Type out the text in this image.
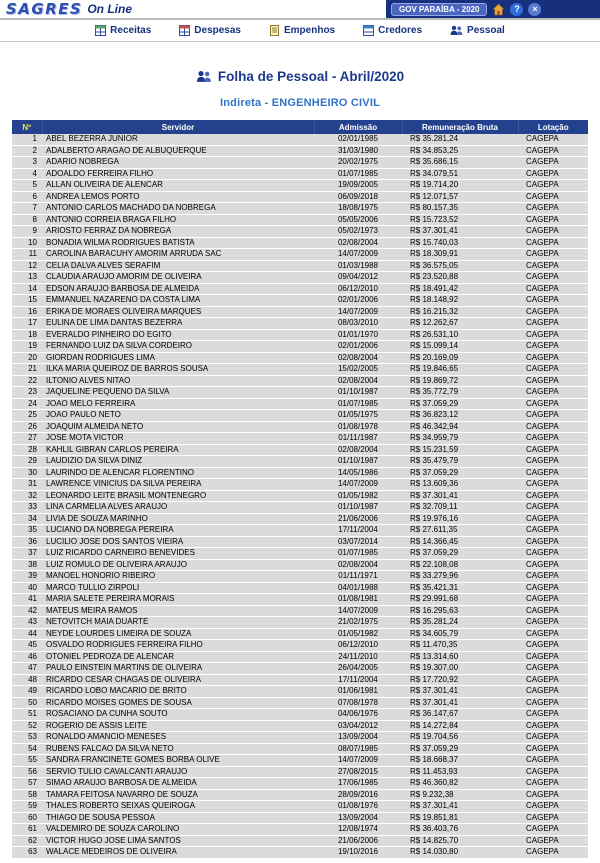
SAGRES On Line	GOV PARAÍBA - 2020	?	×
Receitas	Despesas	Empenhos	Credores	Pessoal
Folha de Pessoal - Abril/2020
Indireta - ENGENHEIRO CIVIL
Nº	Servidor	Admissão	Remuneração Bruta	Lotação
1	ABEL BEZERRA JUNIOR	02/01/1985	R$ 35.281,24	CAGEPA
2	ADALBERTO ARAGAO DE ALBUQUERQUE	31/03/1980	R$ 34.853,25	CAGEPA
3	ADARIO NOBREGA	20/02/1975	R$ 35.686,15	CAGEPA
4	ADOALDO FERREIRA FILHO	01/07/1985	R$ 34.079,51	CAGEPA
5	ALLAN OLIVEIRA DE ALENCAR	19/09/2005	R$ 19.714,20	CAGEPA
6	ANDREA LEMOS PORTO	06/09/2018	R$ 12.071,57	CAGEPA
7	ANTONIO CARLOS MACHADO DA NOBREGA	18/08/1975	R$ 80.157,35	CAGEPA
8	ANTONIO CORREIA BRAGA FILHO	05/05/2006	R$ 15.723,52	CAGEPA
9	ARIOSTO FERRAZ DA NOBREGA	05/02/1973	R$ 37.301,41	CAGEPA
10	BONADIA WILMA RODRIGUES BATISTA	02/08/2004	R$ 15.740,03	CAGEPA
11	CAROLINA BARACUHY AMORIM ARRUDA SAC	14/07/2009	R$ 18.309,91	CAGEPA
12	CELIA DALVA ALVES SERAFIM	01/03/1988	R$ 36.575,05	CAGEPA
13	CLAUDIA ARAUJO AMORIM DE OLIVEIRA	09/04/2012	R$ 23.520,88	CAGEPA
14	EDSON ARAUJO BARBOSA DE ALMEIDA	06/12/2010	R$ 18.491,42	CAGEPA
15	EMMANUEL NAZARENO DA COSTA LIMA	02/01/2006	R$ 18.148,92	CAGEPA
16	ERIKA DE MORAES OLIVEIRA MARQUES	14/07/2009	R$ 16.215,32	CAGEPA
17	EULINA DE LIMA DANTAS BEZERRA	08/03/2010	R$ 12.262,67	CAGEPA
18	EVERALDO PINHEIRO DO EGITO	01/01/1970	R$ 26.531,10	CAGEPA
19	FERNANDO LUIZ DA SILVA CORDEIRO	02/01/2006	R$ 15.099,14	CAGEPA
20	GIORDAN RODRIGUES LIMA	02/08/2004	R$ 20.169,09	CAGEPA
21	ILKA MARIA QUEIROZ DE BARROS SOUSA	15/02/2005	R$ 19.846,65	CAGEPA
22	ILTONIO ALVES NITAO	02/08/2004	R$ 19.869,72	CAGEPA
23	JAQUELINE PEQUENO DA SILVA	01/10/1987	R$ 35.772,79	CAGEPA
24	JOAO MELO FERREIRA	01/07/1985	R$ 37.059,29	CAGEPA
25	JOAO PAULO NETO	01/05/1975	R$ 36.823,12	CAGEPA
26	JOAQUIM ALMEIDA NETO	01/08/1978	R$ 46.342,94	CAGEPA
27	JOSE MOTA VICTOR	01/11/1987	R$ 34.959,79	CAGEPA
28	KAHLIL GIBRAN CARLOS PEREIRA	02/08/2004	R$ 15.231,59	CAGEPA
29	LAUDIZIO DA SILVA DINIZ	01/10/1987	R$ 35.479,79	CAGEPA
30	LAURINDO DE ALENCAR FLORENTINO	14/05/1986	R$ 37.059,29	CAGEPA
31	LAWRENCE VINICIUS DA SILVA PEREIRA	14/07/2009	R$ 13.609,36	CAGEPA
32	LEONARDO LEITE BRASIL MONTENEGRO	01/05/1982	R$ 37.301,41	CAGEPA
33	LINA CARMELIA ALVES ARAUJO	01/10/1987	R$ 32.709,11	CAGEPA
34	LIVIA DE SOUZA MARINHO	21/06/2006	R$ 19.976,16	CAGEPA
35	LUCIANO DA NOBREGA PEREIRA	17/11/2004	R$ 27.611,35	CAGEPA
36	LUCILIO JOSE DOS SANTOS VIEIRA	03/07/2014	R$ 14.366,45	CAGEPA
37	LUIZ RICARDO CARNEIRO BENEVIDES	01/07/1985	R$ 37.059,29	CAGEPA
38	LUIZ ROMULO DE OLIVEIRA ARAUJO	02/08/2004	R$ 22.108,08	CAGEPA
39	MANOEL HONORIO RIBEIRO	01/11/1971	R$ 33.279,96	CAGEPA
40	MARCO TULLIO ZIRPOLI	04/01/1988	R$ 35.421,31	CAGEPA
41	MARIA SALETE PEREIRA MORAIS	01/08/1981	R$ 29.991,68	CAGEPA
42	MATEUS MEIRA RAMOS	14/07/2009	R$ 16.295,63	CAGEPA
43	NETOVITCH MAIA DUARTE	21/02/1975	R$ 35.281,24	CAGEPA
44	NEYDE LOURDES LIMEIRA DE SOUZA	01/05/1982	R$ 34.605,79	CAGEPA
45	OSVALDO RODRIGUES FERREIRA FILHO	06/12/2010	R$ 11.470,35	CAGEPA
46	OTONIEL PEDROZA DE ALENCAR	24/11/2010	R$ 13.314,60	CAGEPA
47	PAULO EINSTEIN MARTINS DE OLIVEIRA	26/04/2005	R$ 19.307,00	CAGEPA
48	RICARDO CESAR CHAGAS DE OLIVEIRA	17/11/2004	R$ 17.720,92	CAGEPA
49	RICARDO LOBO MACARIO DE BRITO	01/06/1981	R$ 37.301,41	CAGEPA
50	RICARDO MOISES GOMES DE SOUSA	07/08/1978	R$ 37.301,41	CAGEPA
51	ROSACIANO DA CUNHA SOUTO	04/06/1976	R$ 36.147,67	CAGEPA
52	ROGERIO DE ASSIS LEITE	03/04/2012	R$ 14.272,84	CAGEPA
53	RONALDO AMANCIO MENESES	13/09/2004	R$ 19.704,56	CAGEPA
54	RUBENS FALCAO DA SILVA NETO	08/07/1985	R$ 37.059,29	CAGEPA
55	SANDRA FRANCINETE GOMES BORBA OLIVE	14/07/2009	R$ 18.668,37	CAGEPA
56	SERVIO TULIO CAVALCANTI ARAUJO	27/08/2015	R$ 11.453,93	CAGEPA
57	SIMAO ARAUJO BARBOSA DE ALMEIDA	17/06/1985	R$ 46.360,82	CAGEPA
58	TAMARA FEITOSA NAVARRO DE SOUZA	28/09/2016	R$ 9.232,38	CAGEPA
59	THALES ROBERTO SEIXAS QUEIROGA	01/08/1976	R$ 37.301,41	CAGEPA
60	THIAGO DE SOUSA PESSOA	13/09/2004	R$ 19.851,81	CAGEPA
61	VALDEMIRO DE SOUZA CAROLINO	12/08/1974	R$ 36.403,76	CAGEPA
62	VICTOR HUGO JOSE LIMA SANTOS	21/06/2006	R$ 14.825,70	CAGEPA
63	WALACE MEDEIROS DE OLIVEIRA	19/10/2016	R$ 14.030,80	CAGEPA
